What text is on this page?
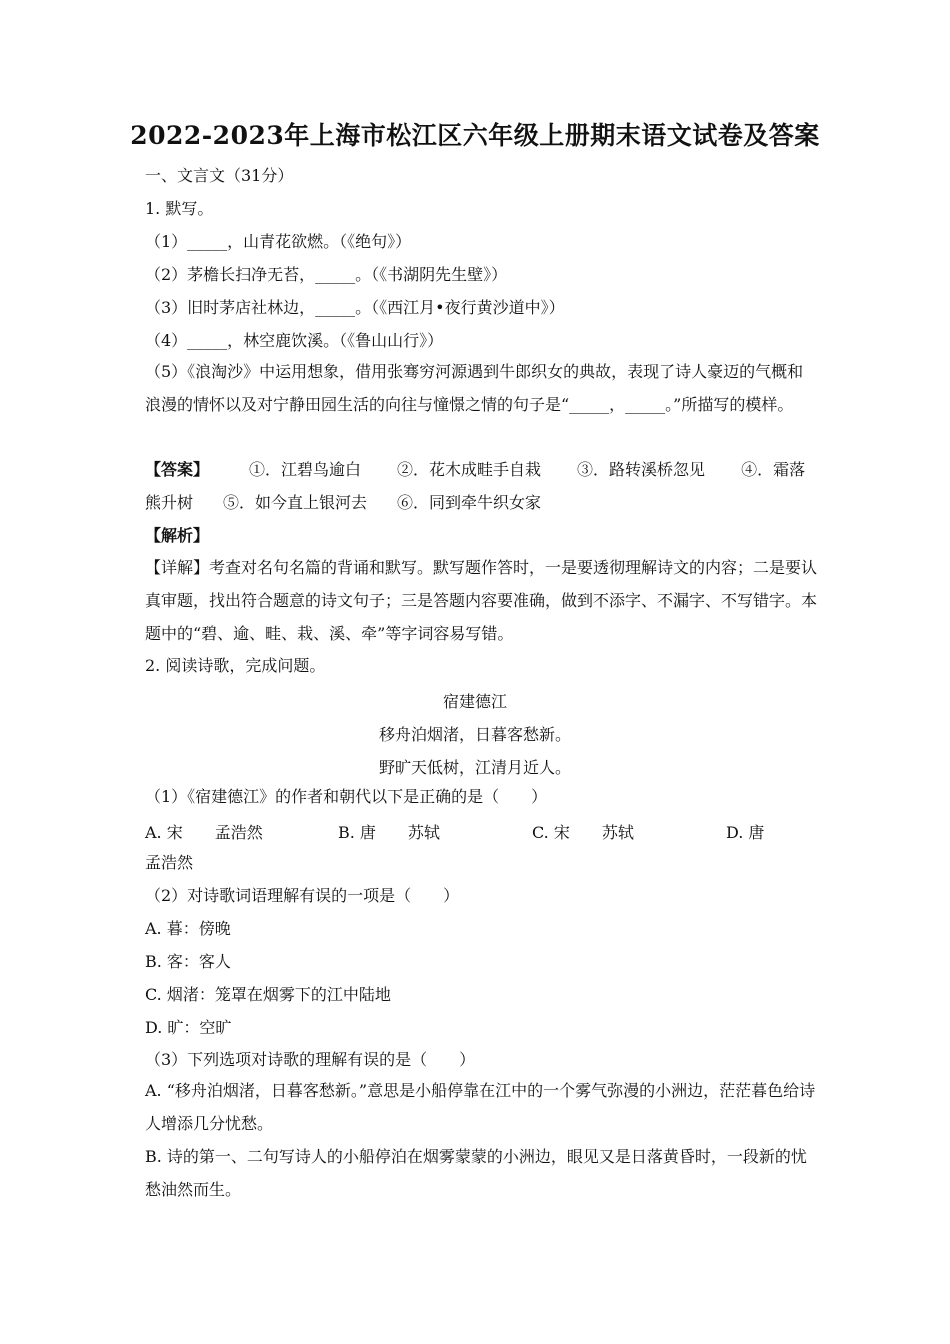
2022-2023年上海市松江区六年级上册期末语文试卷及答案
一、文言文（31分）
1. 默写。
（1）_____，山青花欲燃。（《绝句》）
（2）茅檐长扫净无苔，_____。（《书湖阴先生壁》）
（3）旧时茅店社林边，_____。（《西江月•夜行黄沙道中》）
（4）_____，林空鹿饮溪。（《鲁山山行》）
（5）《浪淘沙》中运用想象，借用张骞穷河源遇到牛郎织女的典故，表现了诗人豪迈的气概和浪漫的情怀以及对宁静田园生活的向往与憧憬之情的句子是“_____，_____。”所描写的模样。
【答案】	①．江碧鸟逾白 ②．花木成畦手自栽 ③．路转溪桥忽见 ④．霜落熊升树 ⑤．如今直上银河去 ⑥．同到牵牛织女家
【解析】
【详解】考查对名句名篇的背诵和默写。默写题作答时，一是要透彻理解诗文的内容；二是要认真审题，找出符合题意的诗文句子；三是答题内容要准确，做到不添字、不漏字、不写错字。本题中的“碧、逾、畦、栽、溪、牵”等字词容易写错。
2. 阅读诗歌，完成问题。
宿建德江
移舟泊烟渚，日暮客愁新。
野旷天低树，江清月近人。
（1）《宿建德江》的作者和朝代以下是正确的是（　　）
A. 宋　　孟浩然	B. 唐　　苏轼	C. 宋　　苏轼	D. 唐
孟浩然
（2）对诗歌词语理解有误的一项是（　　）
A. 暮：傍晚
B. 客：客人
C. 烟渚：笼罩在烟雾下的江中陆地
D. 旷：空旷
（3）下列选项对诗歌的理解有误的是（　　）
A. “移舟泊烟渚，日暮客愁新。”意思是小船停靠在江中的一个雾气弥漫的小洲边，茫茫暮色给诗人增添几分忧愁。
B. 诗的第一、二句写诗人的小船停泊在烟雾蒙蒙的小洲边，眼见又是日落黄昏时，一段新的忧愁油然而生。
